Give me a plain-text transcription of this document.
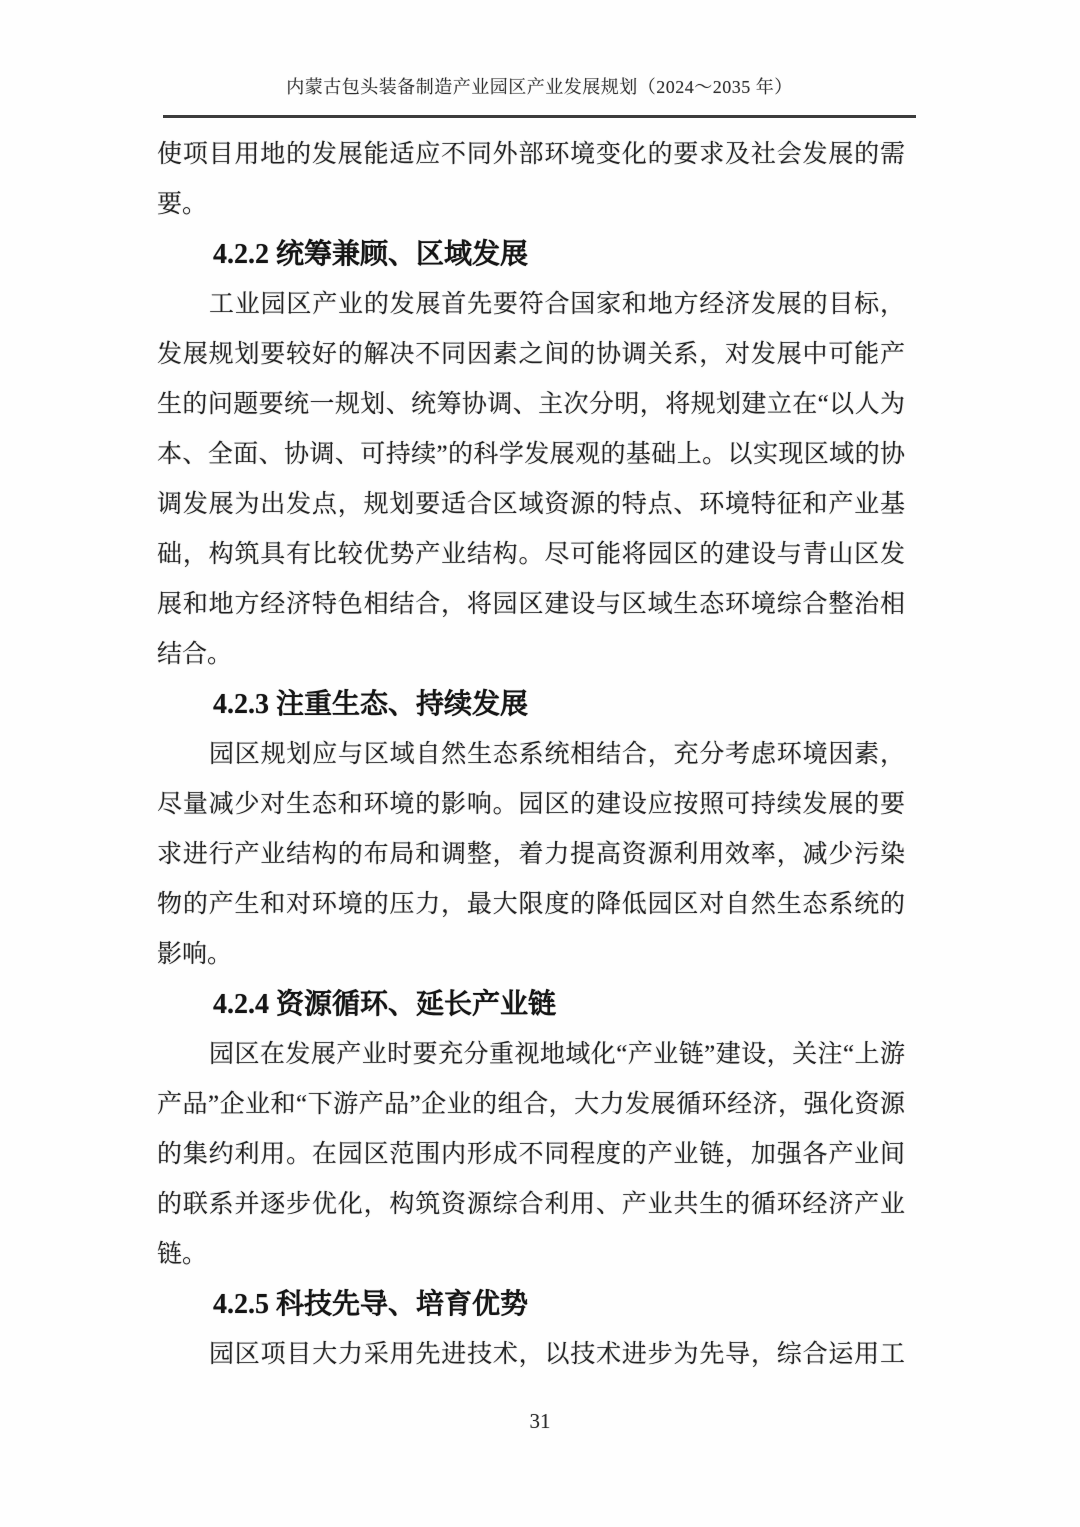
内蒙古包头装备制造产业园区产业发展规划（2024～2035 年）
使项目用地的发展能适应不同外部环境变化的要求及社会发展的需
要。
4.2.2 统筹兼顾、区域发展
工业园区产业的发展首先要符合国家和地方经济发展的目标，
发展规划要较好的解决不同因素之间的协调关系，对发展中可能产
生的问题要统一规划、统筹协调、主次分明，将规划建立在“以人为
本、全面、协调、可持续”的科学发展观的基础上。以实现区域的协
调发展为出发点，规划要适合区域资源的特点、环境特征和产业基
础，构筑具有比较优势产业结构。尽可能将园区的建设与青山区发
展和地方经济特色相结合，将园区建设与区域生态环境综合整治相
结合。
4.2.3 注重生态、持续发展
园区规划应与区域自然生态系统相结合，充分考虑环境因素，
尽量减少对生态和环境的影响。园区的建设应按照可持续发展的要
求进行产业结构的布局和调整，着力提高资源利用效率，减少污染
物的产生和对环境的压力，最大限度的降低园区对自然生态系统的
影响。
4.2.4 资源循环、延长产业链
园区在发展产业时要充分重视地域化“产业链”建设，关注“上游
产品”企业和“下游产品”企业的组合，大力发展循环经济，强化资源
的集约利用。在园区范围内形成不同程度的产业链，加强各产业间
的联系并逐步优化，构筑资源综合利用、产业共生的循环经济产业
链。
4.2.5 科技先导、培育优势
园区项目大力采用先进技术，以技术进步为先导，综合运用工
31
